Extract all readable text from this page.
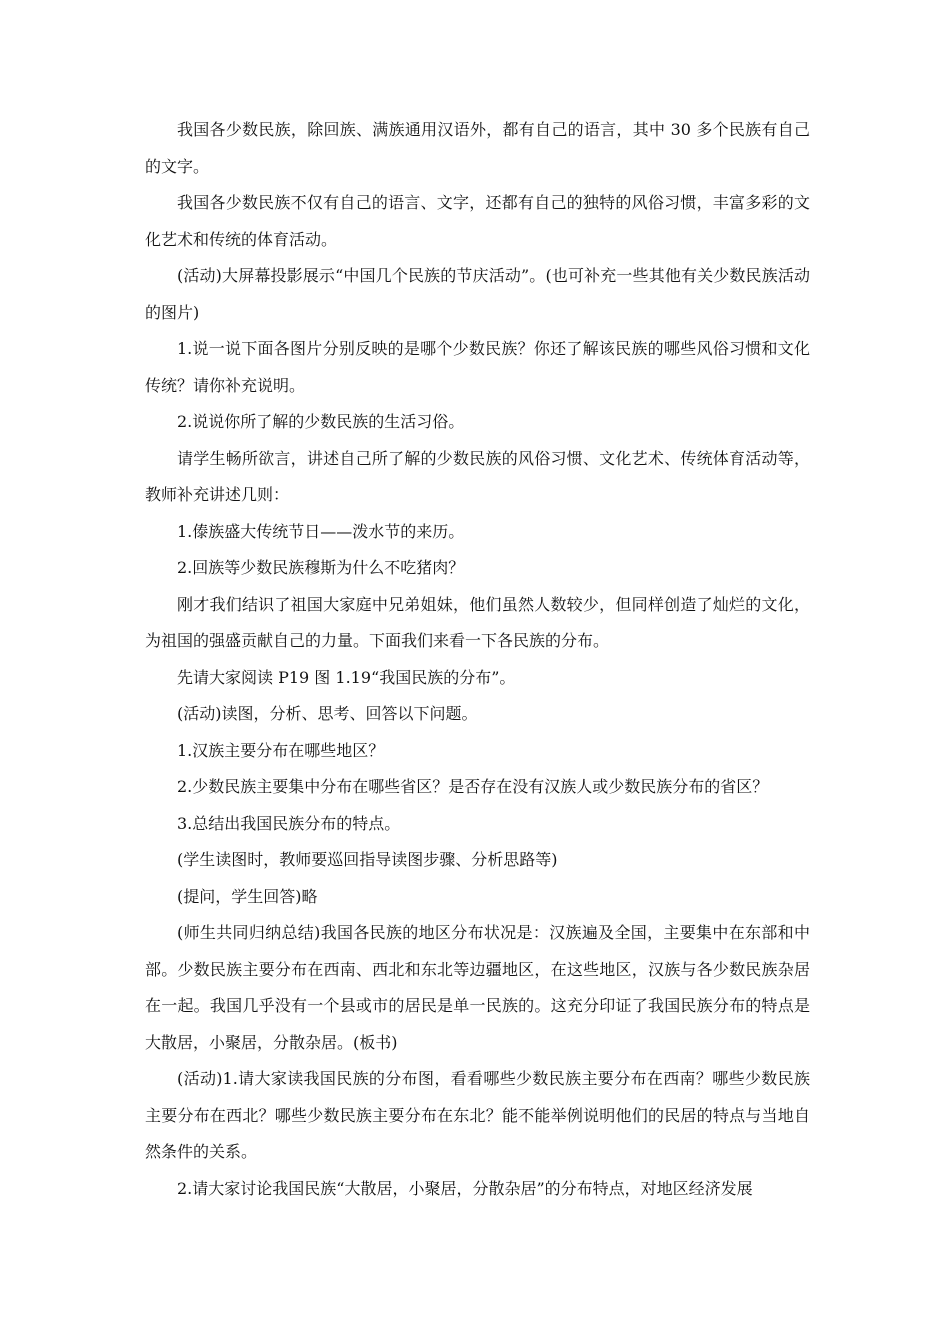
我国各少数民族，除回族、满族通用汉语外，都有自己的语言，其中 30 多个民族有自己的文字。

我国各少数民族不仅有自己的语言、文字，还都有自己的独特的风俗习惯，丰富多彩的文化艺术和传统的体育活动。

(活动)大屏幕投影展示“中国几个民族的节庆活动”。(也可补充一些其他有关少数民族活动的图片)

1.说一说下面各图片分别反映的是哪个少数民族？你还了解该民族的哪些风俗习惯和文化传统？请你补充说明。

2.说说你所了解的少数民族的生活习俗。

请学生畅所欲言，讲述自己所了解的少数民族的风俗习惯、文化艺术、传统体育活动等，教师补充讲述几则：

1.傣族盛大传统节日——泼水节的来历。

2.回族等少数民族穆斯为什么不吃猪肉？

刚才我们结识了祖国大家庭中兄弟姐妹，他们虽然人数较少，但同样创造了灿烂的文化，为祖国的强盛贡献自己的力量。下面我们来看一下各民族的分布。

先请大家阅读 P19 图 1.19“我国民族的分布”。

(活动)读图，分析、思考、回答以下问题。

1.汉族主要分布在哪些地区？

2.少数民族主要集中分布在哪些省区？是否存在没有汉族人或少数民族分布的省区？

3.总结出我国民族分布的特点。

(学生读图时，教师要巡回指导读图步骤、分析思路等)

(提问，学生回答)略

(师生共同归纳总结)我国各民族的地区分布状况是：汉族遍及全国，主要集中在东部和中部。少数民族主要分布在西南、西北和东北等边疆地区，在这些地区，汉族与各少数民族杂居在一起。我国几乎没有一个县或市的居民是单一民族的。这充分印证了我国民族分布的特点是大散居，小聚居，分散杂居。(板书)

(活动)1.请大家读我国民族的分布图，看看哪些少数民族主要分布在西南？哪些少数民族主要分布在西北？哪些少数民族主要分布在东北？能不能举例说明他们的民居的特点与当地自然条件的关系。

2.请大家讨论我国民族“大散居，小聚居，分散杂居”的分布特点，对地区经济发展
